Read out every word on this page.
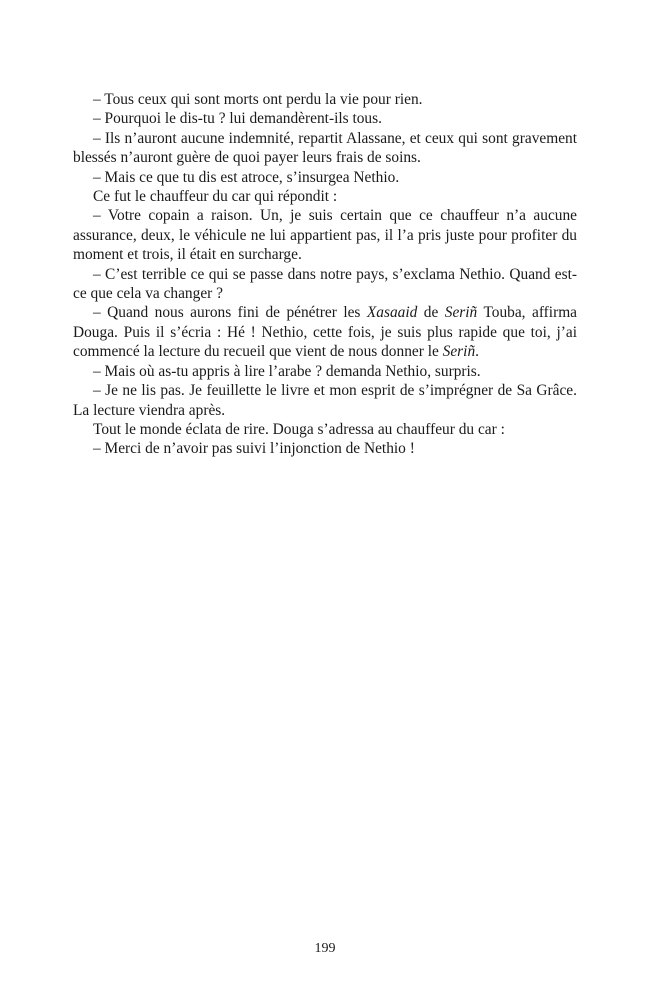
– Tous ceux qui sont morts ont perdu la vie pour rien.

– Pourquoi le dis-tu ? lui demandèrent-ils tous.

– Ils n’auront aucune indemnité, repartit Alassane, et ceux qui sont gravement blessés n’auront guère de quoi payer leurs frais de soins.

– Mais ce que tu dis est atroce, s’insurgea Nethio.

Ce fut le chauffeur du car qui répondit :

– Votre copain a raison. Un, je suis certain que ce chauffeur n’a aucune assurance, deux, le véhicule ne lui appartient pas, il l’a pris juste pour profiter du moment et trois, il était en surcharge.

– C’est terrible ce qui se passe dans notre pays, s’exclama Nethio. Quand est-ce que cela va changer ?

– Quand nous aurons fini de pénétrer les Xasaaid de Seriñ Touba, affirma Douga. Puis il s’écria : Hé ! Nethio, cette fois, je suis plus rapide que toi, j’ai commencé la lecture du recueil que vient de nous donner le Seriñ.

– Mais où as-tu appris à lire l’arabe ? demanda Nethio, surpris.

– Je ne lis pas. Je feuillette le livre et mon esprit de s’imprégner de Sa Grâce. La lecture viendra après.

Tout le monde éclata de rire. Douga s’adressa au chauffeur du car :

– Merci de n’avoir pas suivi l’injonction de Nethio !

199
